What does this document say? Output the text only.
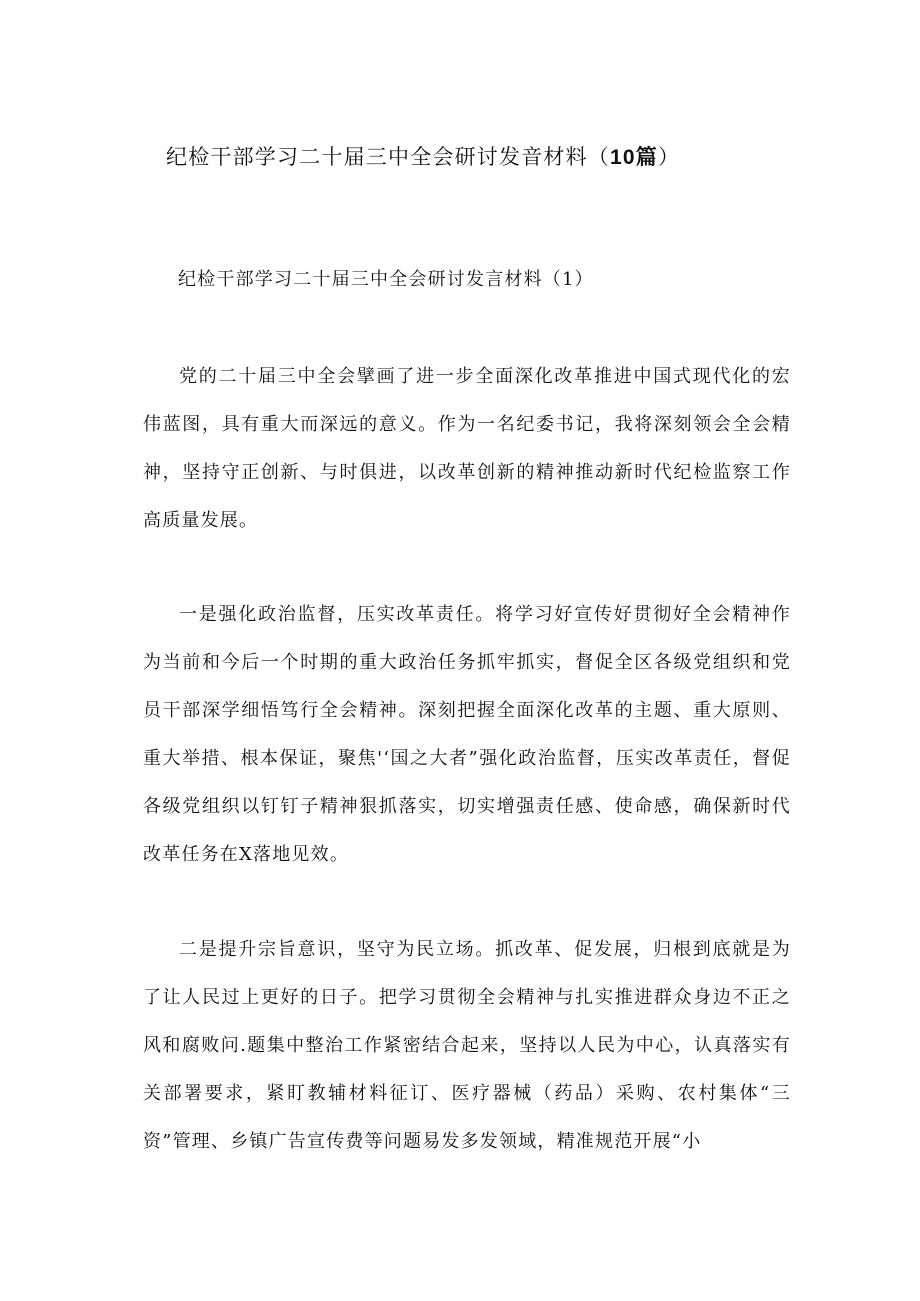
纪检干部学习二十届三中全会研讨发音材料（10篇）
纪检干部学习二十届三中全会研讨发言材料（1）

党的二十届三中全会擘画了进一步全面深化改革推进中国式现代化的宏伟蓝图，具有重大而深远的意义。作为一名纪委书记，我将深刻领会全会精神，坚持守正创新、与时俱进，以改革创新的精神推动新时代纪检监察工作高质量发展。

一是强化政治监督，压实改革责任。将学习好宣传好贯彻好全会精神作为当前和今后一个时期的重大政治任务抓牢抓实，督促全区各级党组织和党员干部深学细悟笃行全会精神。深刻把握全面深化改革的主题、重大原则、重大举措、根本保证，聚焦'‘国之大者”强化政治监督，压实改革责任，督促各级党组织以钉钉子精神狠抓落实，切实增强责任感、使命感，确保新时代改革任务在X落地见效。

二是提升宗旨意识，坚守为民立场。抓改革、促发展，归根到底就是为了让人民过上更好的日子。把学习贯彻全会精神与扎实推进群众身边不正之风和腐败问.题集中整治工作紧密结合起来，坚持以人民为中心，认真落实有关部署要求，紧盯教辅材料征订、医疗器械（药品）采购、农村集体“三资”管理、乡镇广告宣传费等问题易发多发领域，精准规范开展“小
